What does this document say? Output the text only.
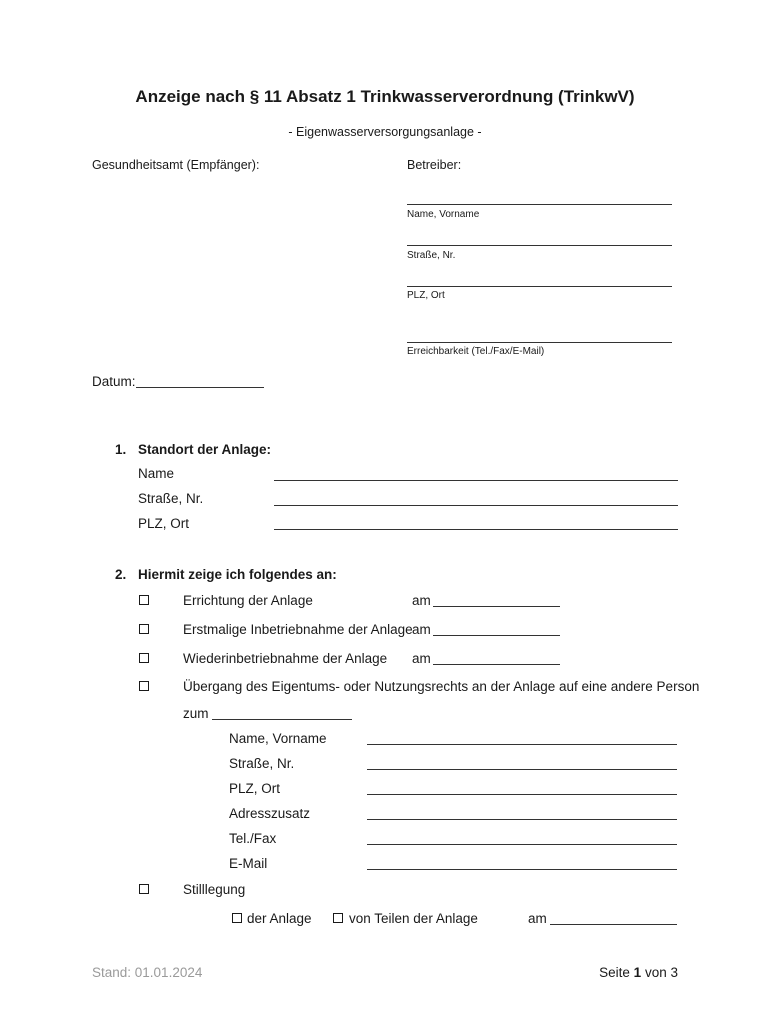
Anzeige nach § 11 Absatz 1 Trinkwasserverordnung (TrinkwV)
- Eigenwasserversorgungsanlage -
Gesundheitsamt (Empfänger):	Betreiber:
Name, Vorname
Straße, Nr.
PLZ, Ort
Erreichbarkeit (Tel./Fax/E-Mail)
Datum:
1. Standort der Anlage:
Name
Straße, Nr.
PLZ, Ort
2. Hiermit zeige ich folgendes an:
Errichtung der Anlage	am
Erstmalige Inbetriebnahme der Anlage am
Wiederinbetriebnahme der Anlage am
Übergang des Eigentums- oder Nutzungsrechts an der Anlage auf eine andere Person
zum
Name, Vorname
Straße, Nr.
PLZ, Ort
Adresszusatz
Tel./Fax
E-Mail
Stilllegung
der Anlage	von Teilen der Anlage	am
Stand: 01.01.2024	Seite 1 von 3
